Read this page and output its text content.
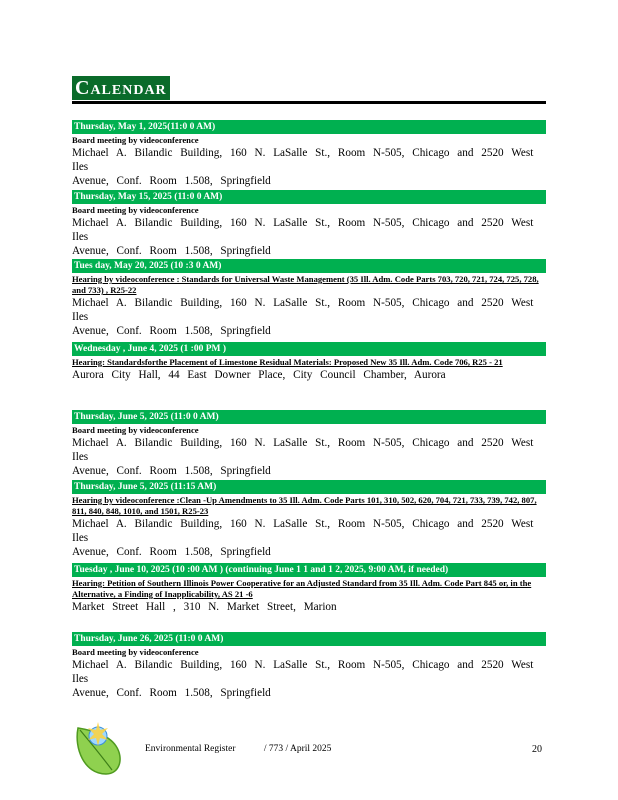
Calendar
Thursday, May 1, 2025(11:0 0 AM)
Board meeting by videoconference
Michael A. Bilandic Building, 160 N. LaSalle St., Room N-505, Chicago and 2520 West Iles
Avenue, Conf. Room 1.508, Springfield
Thursday, May 15, 2025 (11:0 0 AM)
Board meeting by videoconference
Michael A. Bilandic Building, 160 N. LaSalle St., Room N-505, Chicago and 2520 West Iles
Avenue, Conf. Room 1.508, Springfield
Tues day, May 20, 2025 (10 :3 0 AM)
Hearing by videoconference : Standards for Universal Waste Management (35 Ill. Adm. Code Parts 703, 720, 721, 724, 725, 728, and 733) , R25-22
Michael A. Bilandic Building, 160 N. LaSalle St., Room N-505, Chicago and 2520 West Iles
Avenue, Conf. Room 1.508, Springfield
Wednesday , June 4, 2025 (1 :00 PM )
Hearing: Standardsforthe Placement of Limestone Residual Materials: Proposed New 35 Ill. Adm. Code 706, R25 - 21
Aurora City Hall, 44 East Downer Place, City Council Chamber, Aurora
Thursday, June 5, 2025 (11:0 0 AM)
Board meeting by videoconference
Michael A. Bilandic Building, 160 N. LaSalle St., Room N-505, Chicago and 2520 West Iles
Avenue, Conf. Room 1.508, Springfield
Thursday, June 5, 2025 (11:15 AM)
Hearing by videoconference :Clean -Up Amendments to 35 Ill. Adm. Code Parts 101, 310, 502, 620, 704, 721, 733, 739, 742, 807, 811, 840, 848, 1010, and 1501, R25-23
Michael A. Bilandic Building, 160 N. LaSalle St., Room N-505, Chicago and 2520 West Iles
Avenue, Conf. Room 1.508, Springfield
Tuesday , June 10, 2025 (10 :00 AM ) (continuing June 1 1 and 1 2, 2025, 9:00 AM, if needed)
Hearing: Petition of Southern Illinois Power Cooperative for an Adjusted Standard from 35 Ill. Adm. Code Part 845 or, in the Alternative, a Finding of Inapplicability, AS 21 -6
Market Street Hall , 310 N. Market Street, Marion
Thursday, June 26, 2025 (11:0 0 AM)
Board meeting by videoconference
Michael A. Bilandic Building, 160 N. LaSalle St., Room N-505, Chicago and 2520 West Iles
Avenue, Conf. Room 1.508, Springfield
Environmental Register	/ 773 / April 2025	20
